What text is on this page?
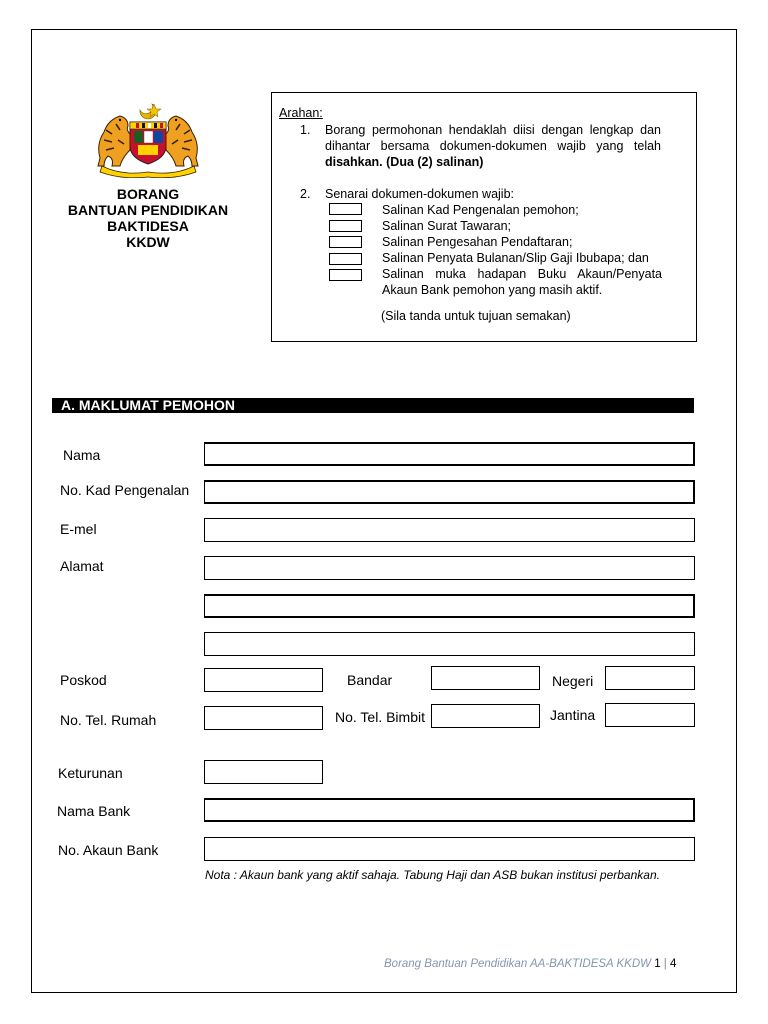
BORANG
BANTUAN PENDIDIKAN
BAKTIDESA
KKDW
Arahan:
1. Borang permohonan hendaklah diisi dengan lengkap dan dihantar bersama dokumen-dokumen wajib yang telah disahkan. (Dua (2) salinan)
2. Senarai dokumen-dokumen wajib:
Salinan Kad Pengenalan pemohon;
Salinan Surat Tawaran;
Salinan Pengesahan Pendaftaran;
Salinan Penyata Bulanan/Slip Gaji Ibubapa; dan
Salinan muka hadapan Buku Akaun/Penyata Akaun Bank pemohon yang masih aktif.
(Sila tanda untuk tujuan semakan)
A. MAKLUMAT PEMOHON
Nama
No. Kad Pengenalan
E-mel
Alamat
Poskod	Bandar	Negeri
No. Tel. Rumah	No. Tel. Bimbit	Jantina
Keturunan
Nama Bank
No. Akaun Bank
Nota : Akaun bank yang aktif sahaja. Tabung Haji dan ASB bukan institusi perbankan.
Borang Bantuan Pendidikan AA-BAKTIDESA KKDW 1 | 4
